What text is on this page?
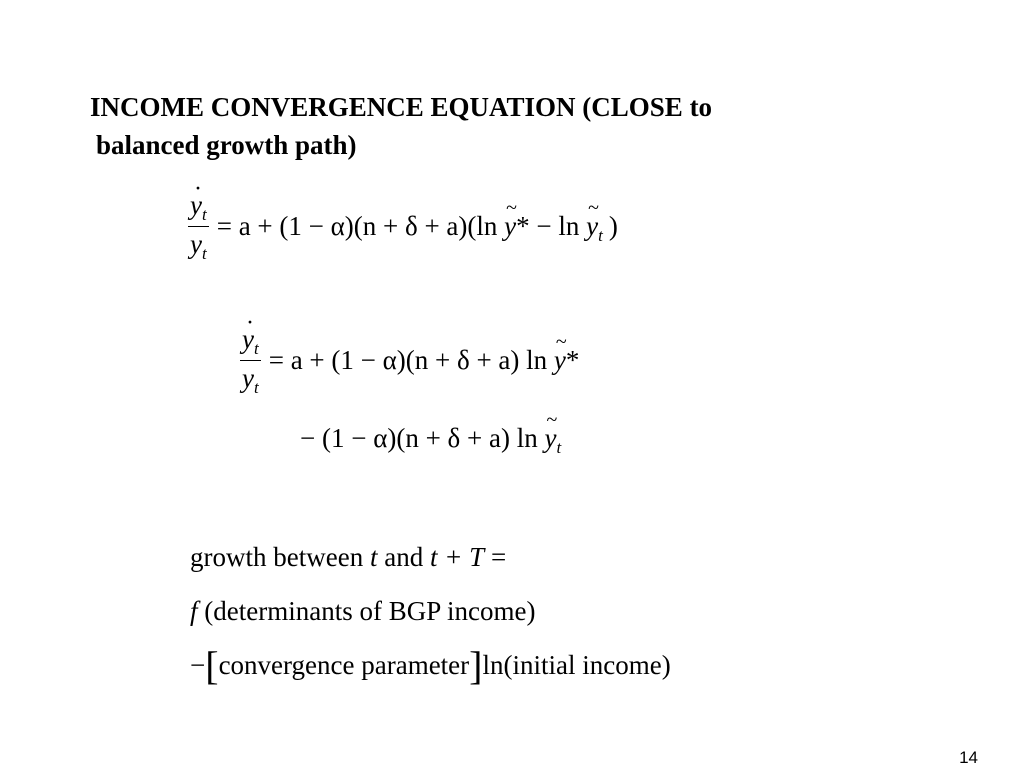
INCOME CONVERGENCE EQUATION (CLOSE to
balanced growth path)
· $\frac{y_t}{y_t} = a + (1 - \alpha)(n + \delta + a)(\ln$ ~ y* − ln ~ $y_t$ )
· $\frac{y_t}{y_t} = a + (1 - \alpha)(n + \delta + a)$ ln ~ y*
− (1 − α)(n + δ + a) ln ~ $y_t$
growth between t and t + T =
f (determinants of BGP income)
−[convergence parameter]ln(initial income)
14
